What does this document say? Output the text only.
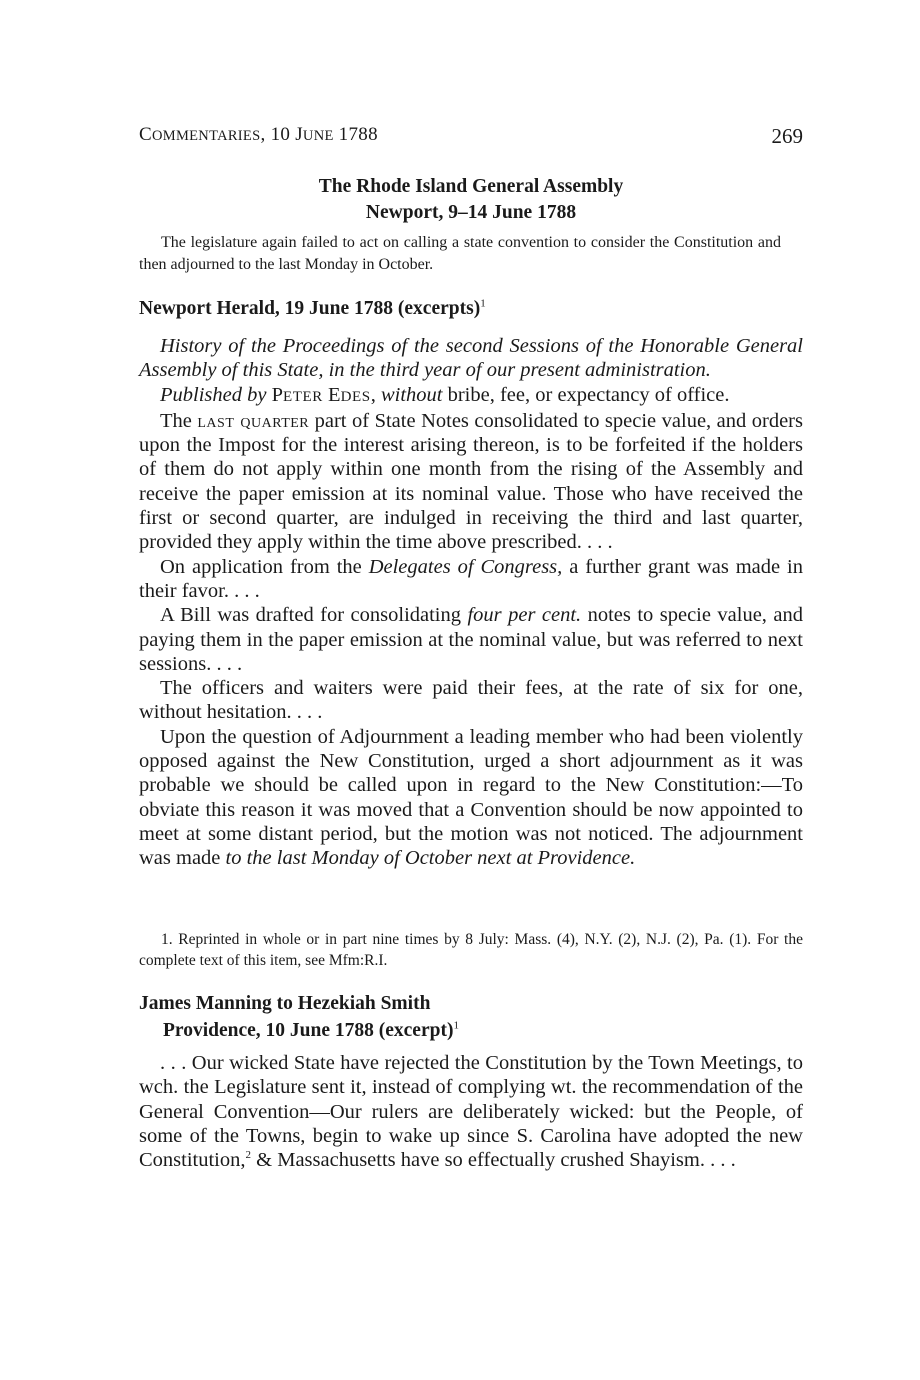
COMMENTARIES, 10 JUNE 1788	269
The Rhode Island General Assembly
Newport, 9–14 June 1788
The legislature again failed to act on calling a state convention to consider the Constitution and then adjourned to the last Monday in October.
Newport Herald, 19 June 1788 (excerpts)$^1$

History of the Proceedings of the second Sessions of the Honorable General Assembly of this State, in the third year of our present administration.

Published by PETER EDES, without bribe, fee, or expectancy of office.

The last quarter part of State Notes consolidated to specie value, and orders upon the Impost for the interest arising thereon, is to be forfeited if the holders of them do not apply within one month from the rising of the Assembly and receive the paper emission at its nominal value. Those who have received the first or second quarter, are indulged in receiving the third and last quarter, provided they apply within the time above prescribed. . . .

On application from the Delegates of Congress, a further grant was made in their favor. . . .

A Bill was drafted for consolidating four per cent. notes to specie value, and paying them in the paper emission at the nominal value, but was referred to next sessions. . . .

The officers and waiters were paid their fees, at the rate of six for one, without hesitation. . . .

Upon the question of Adjournment a leading member who had been violently opposed against the New Constitution, urged a short adjournment as it was probable we should be called upon in regard to the New Constitution:—To obviate this reason it was moved that a Convention should be now appointed to meet at some distant period, but the motion was not noticed. The adjournment was made to the last Monday of October next at Providence.

1. Reprinted in whole or in part nine times by 8 July: Mass. (4), N.Y. (2), N.J. (2), Pa. (1). For the complete text of this item, see Mfm:R.I.

James Manning to Hezekiah Smith
Providence, 10 June 1788 (excerpt)$^1$

. . . Our wicked State have rejected the Constitution by the Town Meetings, to wch. the Legislature sent it, instead of complying wt. the recommendation of the General Convention—Our rulers are deliberately wicked: but the People, of some of the Towns, begin to wake up since S. Carolina have adopted the new Constitution,$^2$ & Massachusetts have so effectually crushed Shayism. . . .
